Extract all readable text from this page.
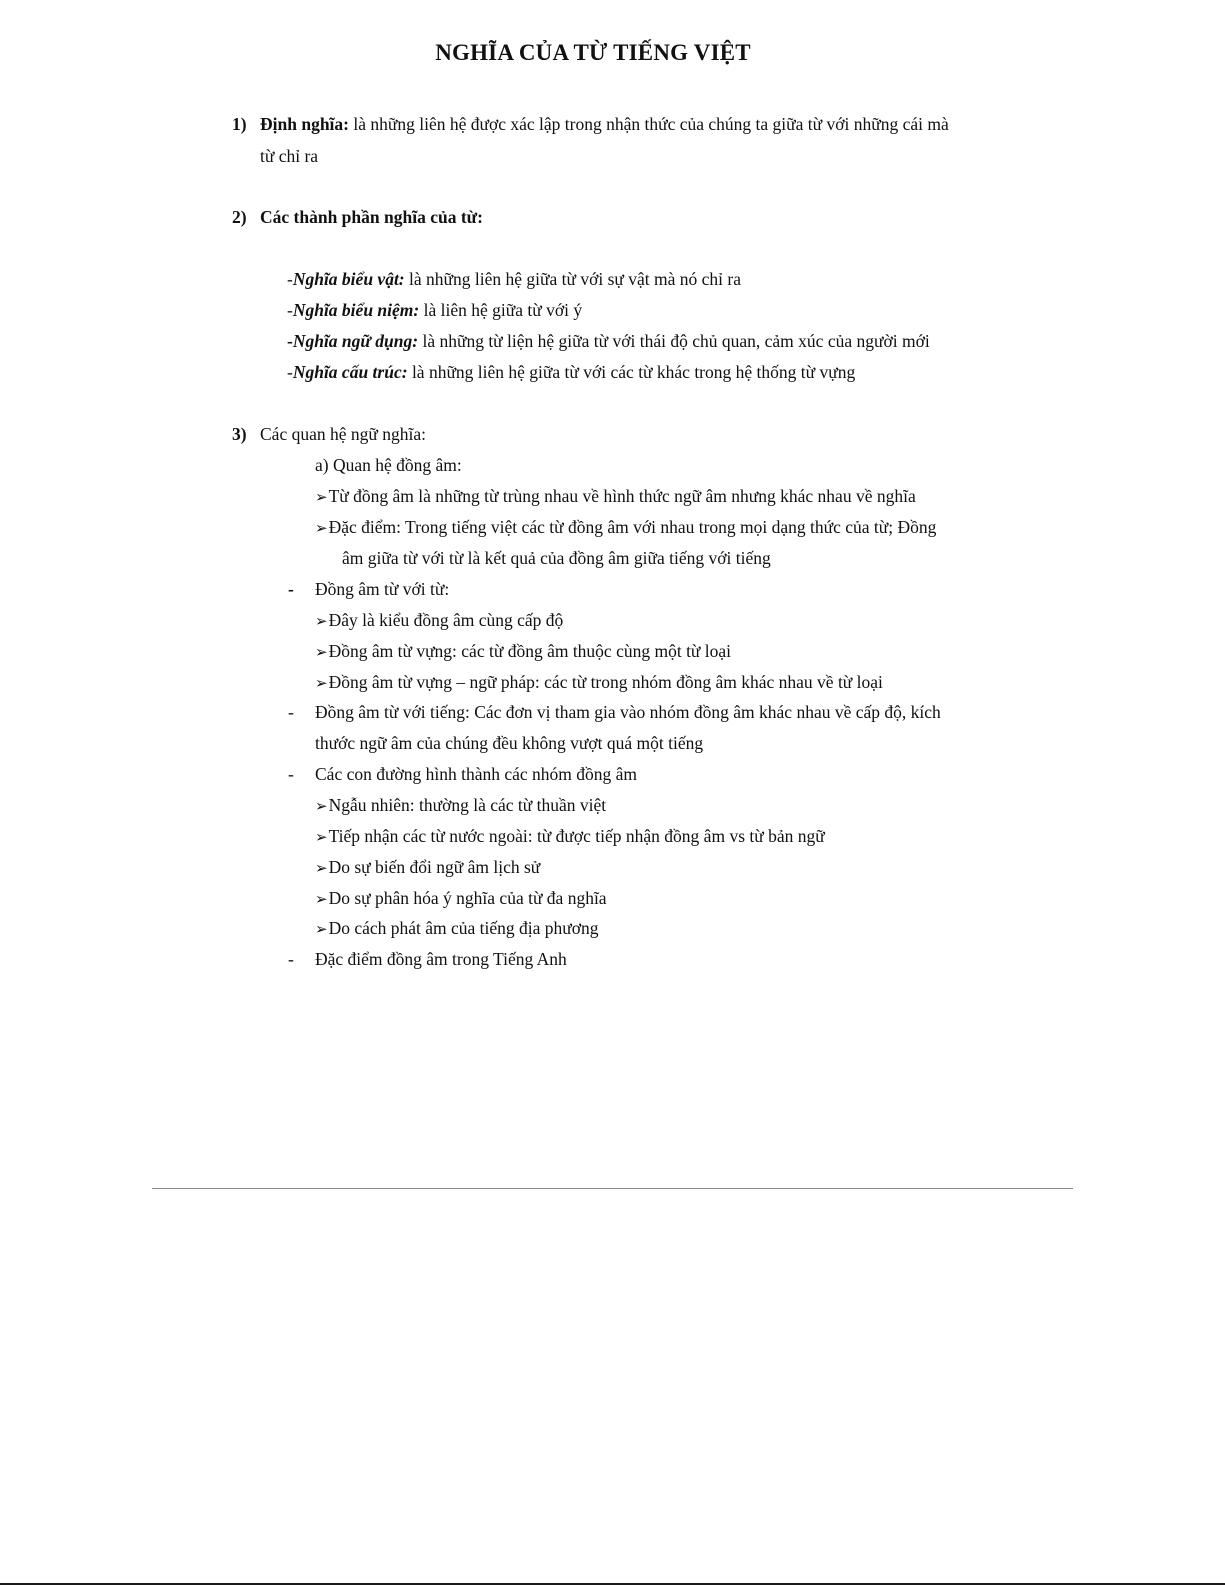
NGHĨA CỦA TỪ TIẾNG VIỆT
1) Định nghĩa: là những liên hệ được xác lập trong nhận thức của chúng ta giữa từ với những cái mà
từ chỉ ra
2) Các thành phần nghĩa của từ:
-Nghĩa biểu vật: là những liên hệ giữa từ với sự vật mà nó chỉ ra
-Nghĩa biểu niệm: là liên hệ giữa từ với ý
-Nghĩa ngữ dụng: là những từ liện hệ giữa từ với thái độ chủ quan, cảm xúc của người mới
-Nghĩa cấu trúc: là những liên hệ giữa từ với các từ khác trong hệ thống từ vựng
3) Các quan hệ ngữ nghĩa:
a) Quan hệ đồng âm:
➢Từ đồng âm là những từ trùng nhau về hình thức ngữ âm nhưng khác nhau về nghĩa
➢Đặc điểm: Trong tiếng việt các từ đồng âm với nhau trong mọi dạng thức của từ; Đồng
âm giữa từ với từ là kết quả của đồng âm giữa tiếng với tiếng
- Đồng âm từ với từ:
➢Đây là kiểu đồng âm cùng cấp độ
➢Đồng âm từ vựng: các từ đồng âm thuộc cùng một từ loại
➢Đồng âm từ vựng – ngữ pháp: các từ trong nhóm đồng âm khác nhau về từ loại
- Đồng âm từ với tiếng: Các đơn vị tham gia vào nhóm đồng âm khác nhau về cấp độ, kích
thước ngữ âm của chúng đều không vượt quá một tiếng
- Các con đường hình thành các nhóm đồng âm
➢Ngẫu nhiên: thường là các từ thuần việt
➢Tiếp nhận các từ nước ngoài: từ được tiếp nhận đồng âm vs từ bản ngữ
➢Do sự biến đổi ngữ âm lịch sử
➢Do sự phân hóa ý nghĩa của từ đa nghĩa
➢Do cách phát âm của tiếng địa phương
- Đặc điểm đồng âm trong Tiếng Anh
